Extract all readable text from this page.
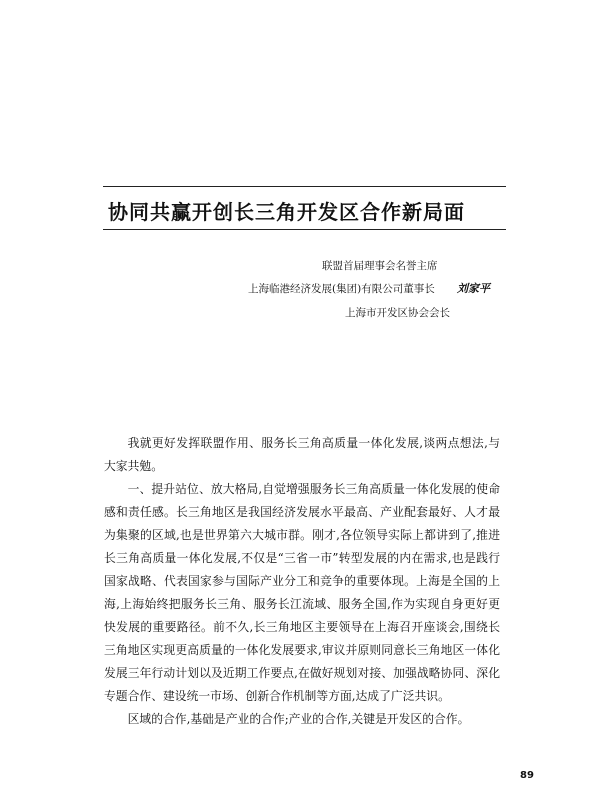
协同共赢开创长三角开发区合作新局面
联盟首届理事会名誉主席
上海临港经济发展(集团)有限公司董事长 刘家平
上海市开发区协会会长

我就更好发挥联盟作用、服务长三角高质量一体化发展,谈两点想法,与大家共勉。

一、提升站位、放大格局,自觉增强服务长三角高质量一体化发展的使命感和责任感。长三角地区是我国经济发展水平最高、产业配套最好、人才最为集聚的区域,也是世界第六大城市群。刚才,各位领导实际上都讲到了,推进长三角高质量一体化发展,不仅是“三省一市”转型发展的内在需求,也是践行国家战略、代表国家参与国际产业分工和竞争的重要体现。上海是全国的上海,上海始终把服务长三角、服务长江流域、服务全国,作为实现自身更好更快发展的重要路径。前不久,长三角地区主要领导在上海召开座谈会,围绕长三角地区实现更高质量的一体化发展要求,审议并原则同意长三角地区一体化发展三年行动计划以及近期工作要点,在做好规划对接、加强战略协同、深化专题合作、建设统一市场、创新合作机制等方面,达成了广泛共识。

区域的合作,基础是产业的合作;产业的合作,关键是开发区的合作。

89
